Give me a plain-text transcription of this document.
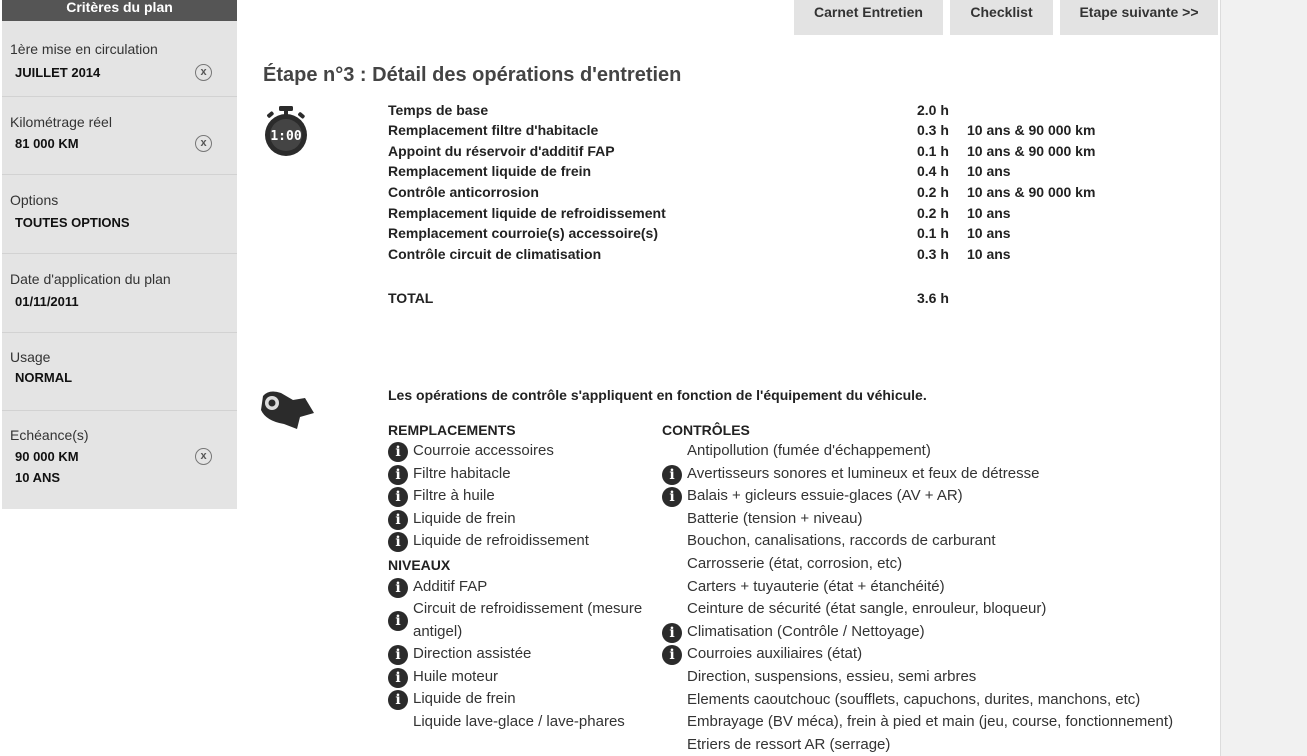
Critères du plan
1ère mise en circulation
JUILLET 2014	x
Kilométrage réel
81 000 KM	x
Options
TOUTES OPTIONS
Date d'application du plan
01/11/2011
Usage
NORMAL
Echéance(s)
90 000 KM
10 ANS
x
Carnet Entretien	Checklist	Etape suivante >>
Étape n°3 : Détail des opérations d'entretien
1:00
Temps de base	2.0 h
Remplacement filtre d'habitacle	0.3 h 10 ans & 90 000 km
Appoint du réservoir d'additif FAP	0.1 h 10 ans & 90 000 km
Remplacement liquide de frein	0.4 h 10 ans
Contrôle anticorrosion	0.2 h 10 ans & 90 000 km
Remplacement liquide de refroidissement	0.2 h 10 ans
Remplacement courroie(s) accessoire(s)	0.1 h 10 ans
Contrôle circuit de climatisation	0.3 h 10 ans
TOTAL	3.6 h
Les opérations de contrôle s'appliquent en fonction de l'équipement du véhicule.
REMPLACEMENTS
NIVEAUX
CONTRÔLES
i Courroie accessoires
i Filtre habitacle
i Filtre à huile
i Liquide de frein
i Liquide de refroidissement
i Additif FAP
i
Circuit de refroidissement (mesure
antigel)
i Direction assistée
i Huile moteur
i Liquide de frein
Liquide lave-glace / lave-phares
Antipollution (fumée d'échappement)
i Avertisseurs sonores et lumineux et feux de détresse
i Balais + gicleurs essuie-glaces (AV + AR)
Batterie (tension + niveau)
Bouchon, canalisations, raccords de carburant
Carrosserie (état, corrosion, etc)
Carters + tuyauterie (état + étanchéité)
Ceinture de sécurité (état sangle, enrouleur, bloqueur)
i Climatisation (Contrôle / Nettoyage)
i Courroies auxiliaires (état)
Direction, suspensions, essieu, semi arbres
Elements caoutchouc (soufflets, capuchons, durites, manchons, etc)
Embrayage (BV méca), frein à pied et main (jeu, course, fonctionnement)
Etriers de ressort AR (serrage)
